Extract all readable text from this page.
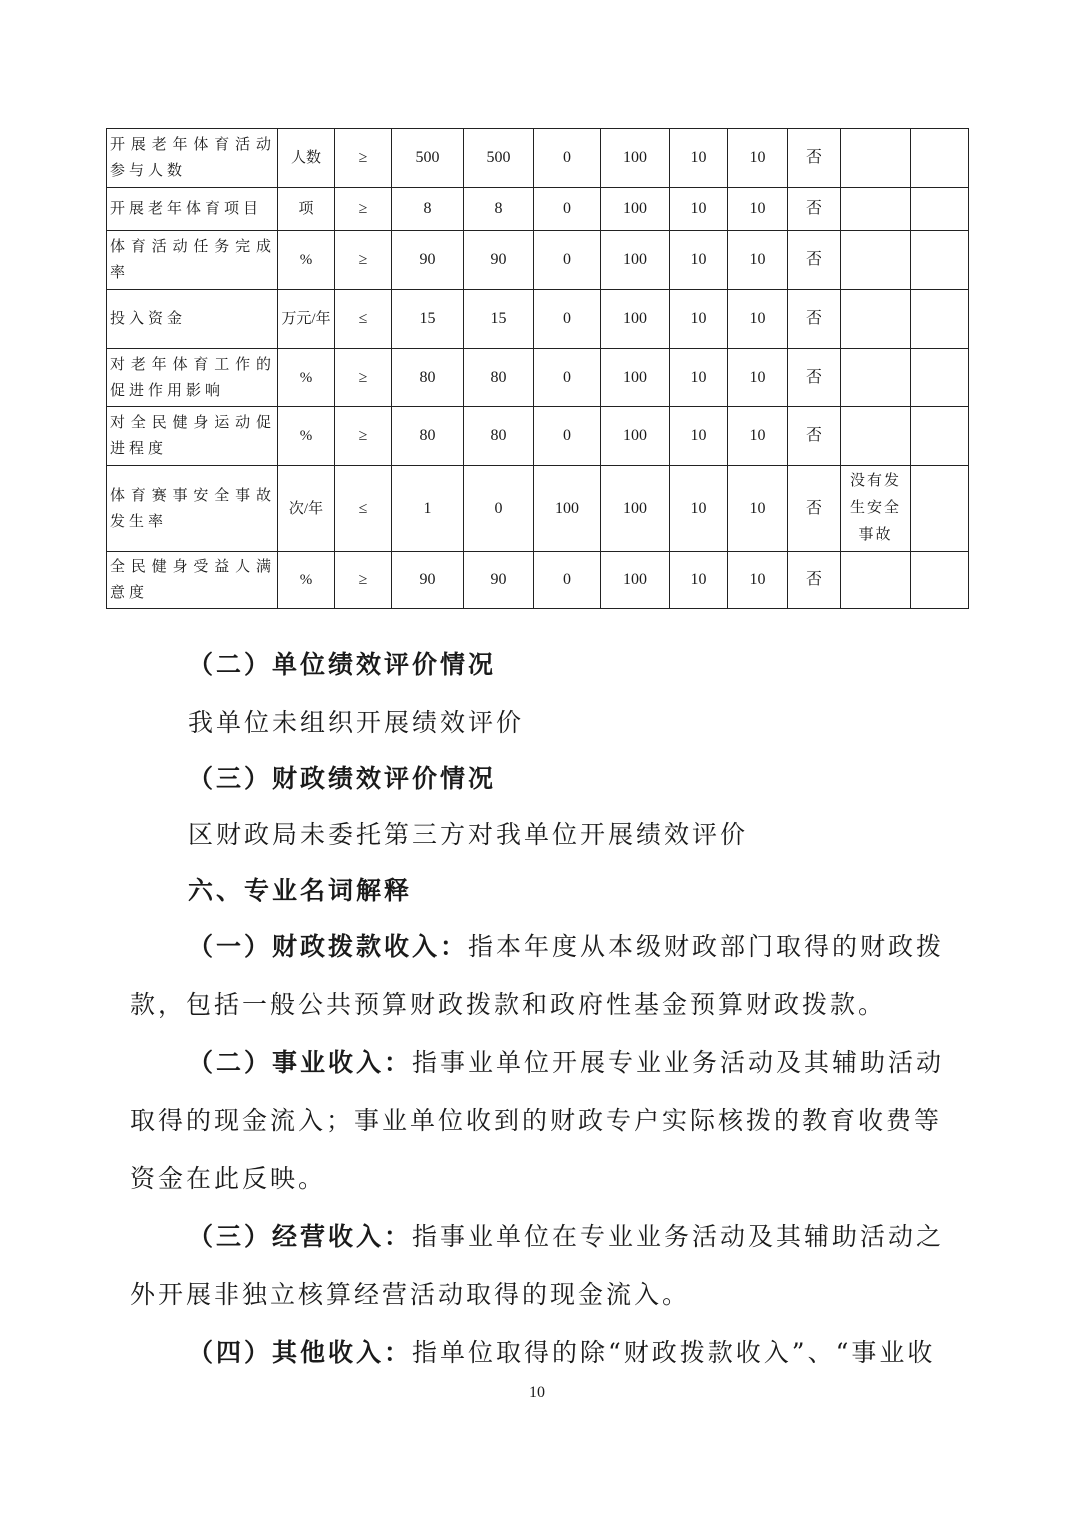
开展老年体育活动参与人数	人数	≥	500	500	0	100	10	10	否		
开展老年体育项目	项	≥	8	8	0	100	10	10	否		
体育活动任务完成率	%	≥	90	90	0	100	10	10	否		
投入资金	万元/年	≤	15	15	0	100	10	10	否		
对老年体育工作的促进作用影响	%	≥	80	80	0	100	10	10	否		
对全民健身运动促进程度	%	≥	80	80	0	100	10	10	否		
体育赛事安全事故发生率	次/年	≤	1	0	100	100	10	10	否	没有发生安全事故	
全民健身受益人满意度	%	≥	90	90	0	100	10	10	否		
（二）单位绩效评价情况
我单位未组织开展绩效评价
（三）财政绩效评价情况
区财政局未委托第三方对我单位开展绩效评价
六、专业名词解释
（一）财政拨款收入：指本年度从本级财政部门取得的财政拨款，包括一般公共预算财政拨款和政府性基金预算财政拨款。
（二）事业收入：指事业单位开展专业业务活动及其辅助活动取得的现金流入；事业单位收到的财政专户实际核拨的教育收费等资金在此反映。
（三）经营收入：指事业单位在专业业务活动及其辅助活动之外开展非独立核算经营活动取得的现金流入。
（四）其他收入：指单位取得的除“财政拨款收入”、“事业收
10
